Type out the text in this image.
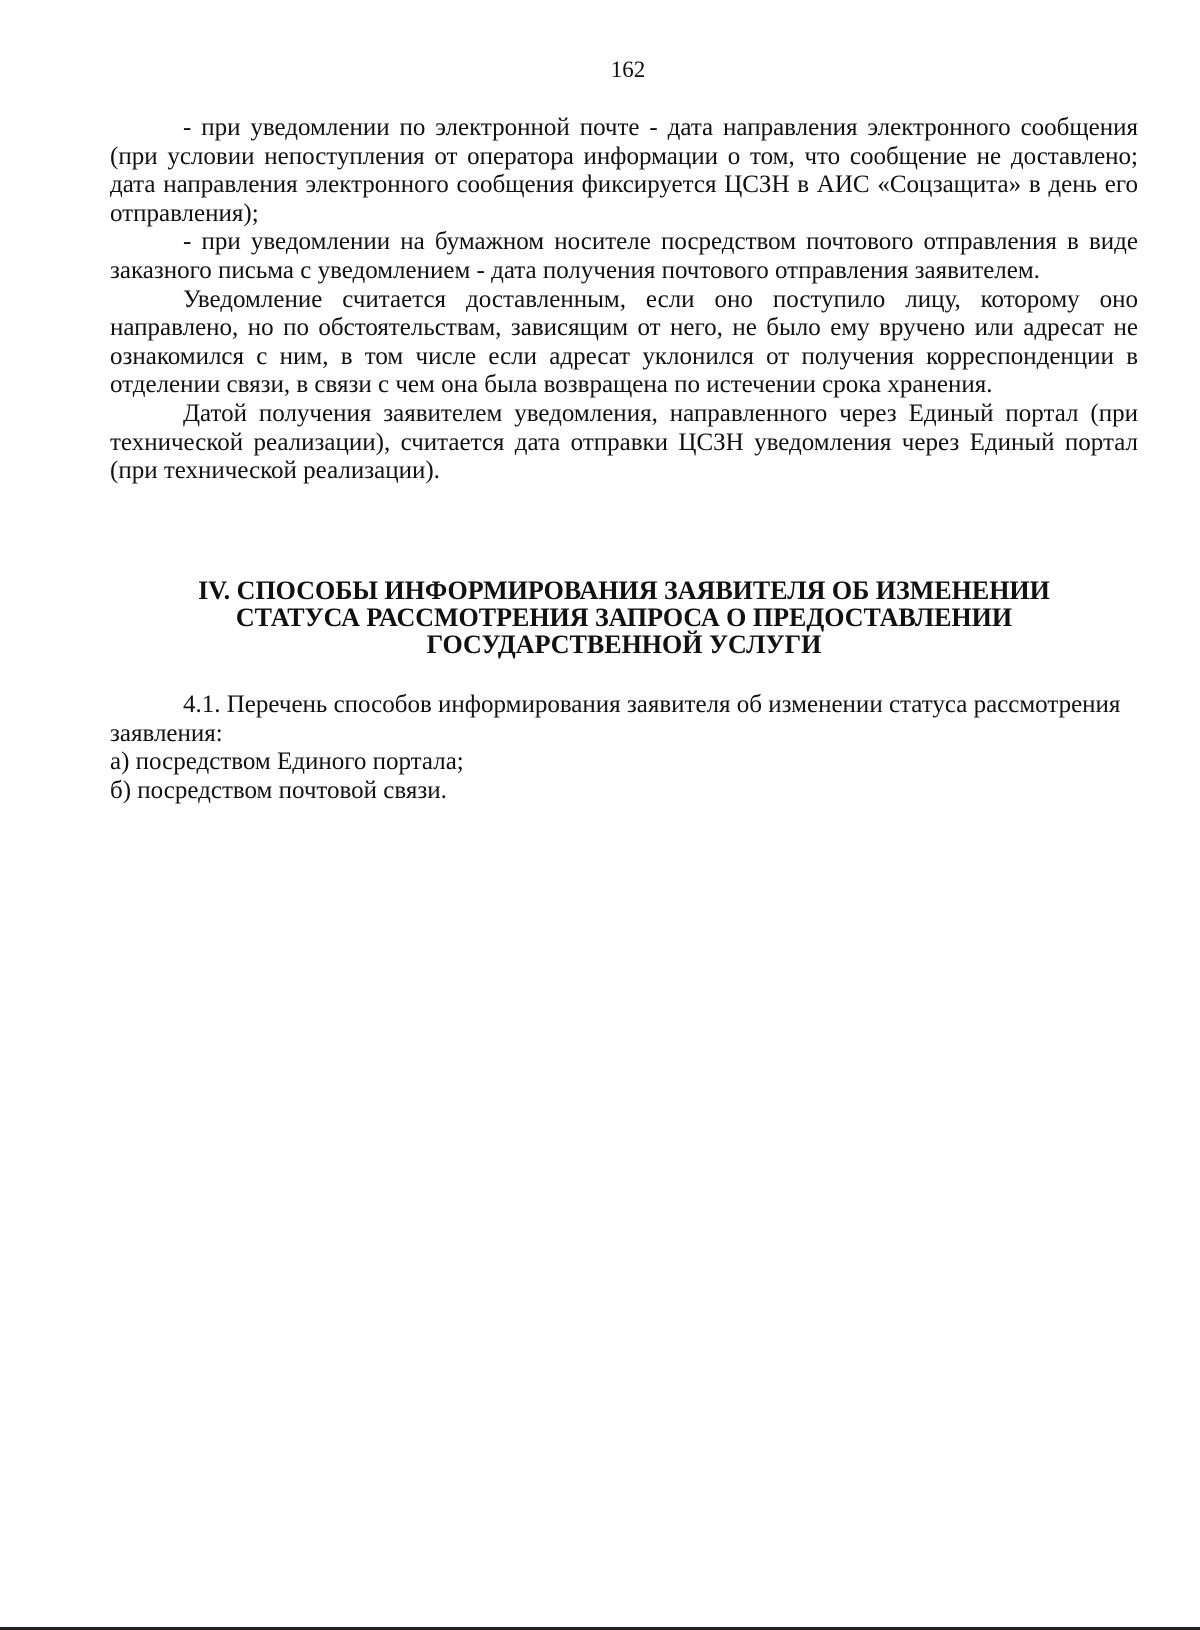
162

- при уведомлении по электронной почте - дата направления электронного сообщения (при условии непоступления от оператора информации о том, что сообщение не доставлено; дата направления электронного сообщения фиксируется ЦСЗН в АИС «Соцзащита» в день его отправления);

- при уведомлении на бумажном носителе посредством почтового отправления в виде заказного письма с уведомлением - дата получения почтового отправления заявителем.

Уведомление считается доставленным, если оно поступило лицу, которому оно направлено, но по обстоятельствам, зависящим от него, не было ему вручено или адресат не ознакомился с ним, в том числе если адресат уклонился от получения корреспонденции в отделении связи, в связи с чем она была возвращена по истечении срока хранения.

Датой получения заявителем уведомления, направленного через Единый портал (при технической реализации), считается дата отправки ЦСЗН уведомления через Единый портал (при технической реализации).

IV. СПОСОБЫ ИНФОРМИРОВАНИЯ ЗАЯВИТЕЛЯ ОБ ИЗМЕНЕНИИ
СТАТУСА РАССМОТРЕНИЯ ЗАПРОСА О ПРЕДОСТАВЛЕНИИ
ГОСУДАРСТВЕННОЙ УСЛУГИ

4.1. Перечень способов информирования заявителя об изменении статуса рассмотрения заявления:

а) посредством Единого портала;

б) посредством почтовой связи.
